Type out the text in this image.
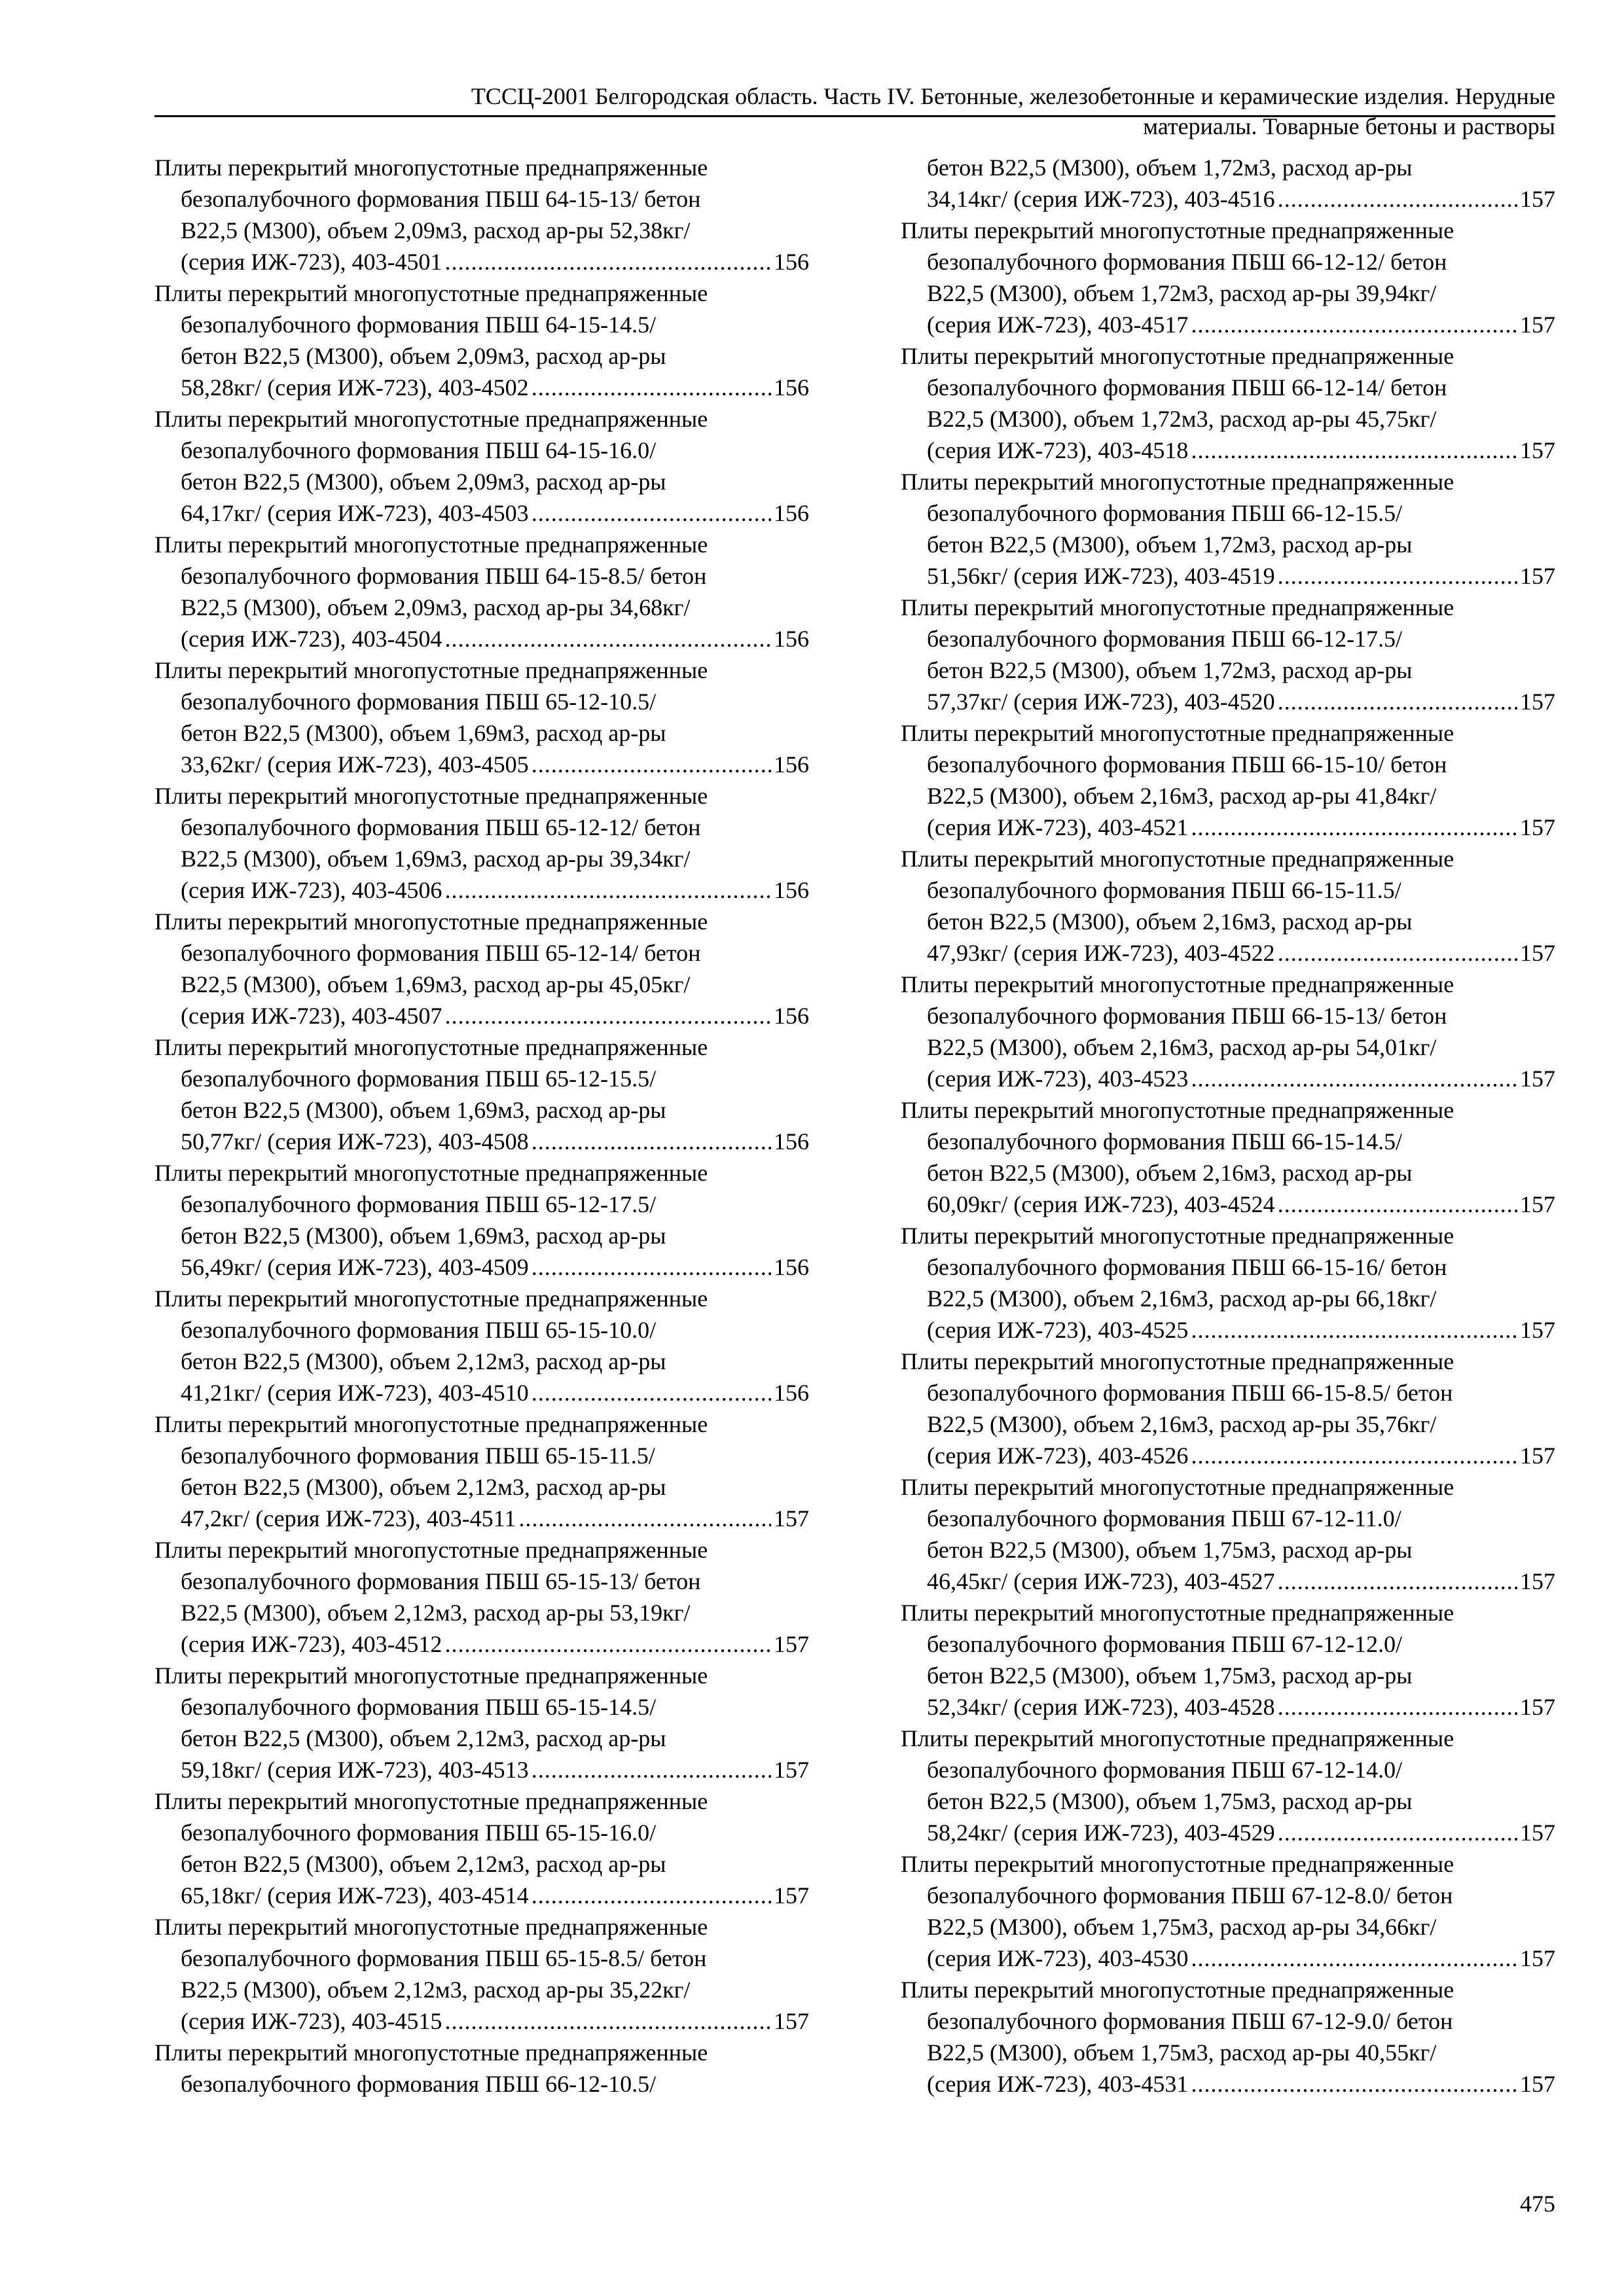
ТССЦ-2001 Белгородская область. Часть IV. Бетонные, железобетонные и керамические изделия. Нерудные
материалы. Товарные бетоны и растворы
Плиты перекрытий многопустотные преднапряженные
безопалубочного формования ПБШ 64-15-13/ бетон
В22,5 (М300), объем 2,09м3, расход ар-ры 52,38кг/
(серия ИЖ-723), 403-4501 .....	156
Плиты перекрытий многопустотные преднапряженные
безопалубочного формования ПБШ 64-15-14.5/
бетон В22,5 (М300), объем 2,09м3, расход ар-ры
58,28кг/ (серия ИЖ-723), 403-4502 .....	156
Плиты перекрытий многопустотные преднапряженные
безопалубочного формования ПБШ 64-15-16.0/
бетон В22,5 (М300), объем 2,09м3, расход ар-ры
64,17кг/ (серия ИЖ-723), 403-4503 .....	156
Плиты перекрытий многопустотные преднапряженные
безопалубочного формования ПБШ 64-15-8.5/ бетон
В22,5 (М300), объем 2,09м3, расход ар-ры 34,68кг/
(серия ИЖ-723), 403-4504 .....	156
Плиты перекрытий многопустотные преднапряженные
безопалубочного формования ПБШ 65-12-10.5/
бетон В22,5 (М300), объем 1,69м3, расход ар-ры
33,62кг/ (серия ИЖ-723), 403-4505 .....	156
Плиты перекрытий многопустотные преднапряженные
безопалубочного формования ПБШ 65-12-12/ бетон
В22,5 (М300), объем 1,69м3, расход ар-ры 39,34кг/
(серия ИЖ-723), 403-4506 .....	156
Плиты перекрытий многопустотные преднапряженные
безопалубочного формования ПБШ 65-12-14/ бетон
В22,5 (М300), объем 1,69м3, расход ар-ры 45,05кг/
(серия ИЖ-723), 403-4507 .....	156
Плиты перекрытий многопустотные преднапряженные
безопалубочного формования ПБШ 65-12-15.5/
бетон В22,5 (М300), объем 1,69м3, расход ар-ры
50,77кг/ (серия ИЖ-723), 403-4508 .....	156
Плиты перекрытий многопустотные преднапряженные
безопалубочного формования ПБШ 65-12-17.5/
бетон В22,5 (М300), объем 1,69м3, расход ар-ры
56,49кг/ (серия ИЖ-723), 403-4509 .....	156
Плиты перекрытий многопустотные преднапряженные
безопалубочного формования ПБШ 65-15-10.0/
бетон В22,5 (М300), объем 2,12м3, расход ар-ры
41,21кг/ (серия ИЖ-723), 403-4510 .....	156
Плиты перекрытий многопустотные преднапряженные
безопалубочного формования ПБШ 65-15-11.5/
бетон В22,5 (М300), объем 2,12м3, расход ар-ры
47,2кг/ (серия ИЖ-723), 403-4511 .....	157
Плиты перекрытий многопустотные преднапряженные
безопалубочного формования ПБШ 65-15-13/ бетон
В22,5 (М300), объем 2,12м3, расход ар-ры 53,19кг/
(серия ИЖ-723), 403-4512 .....	157
Плиты перекрытий многопустотные преднапряженные
безопалубочного формования ПБШ 65-15-14.5/
бетон В22,5 (М300), объем 2,12м3, расход ар-ры
59,18кг/ (серия ИЖ-723), 403-4513 .....	157
Плиты перекрытий многопустотные преднапряженные
безопалубочного формования ПБШ 65-15-16.0/
бетон В22,5 (М300), объем 2,12м3, расход ар-ры
65,18кг/ (серия ИЖ-723), 403-4514 .....	157
Плиты перекрытий многопустотные преднапряженные
безопалубочного формования ПБШ 65-15-8.5/ бетон
В22,5 (М300), объем 2,12м3, расход ар-ры 35,22кг/
(серия ИЖ-723), 403-4515 .....	157
Плиты перекрытий многопустотные преднапряженные
безопалубочного формования ПБШ 66-12-10.5/
бетон В22,5 (М300), объем 1,72м3, расход ар-ры
34,14кг/ (серия ИЖ-723), 403-4516 .....	157
Плиты перекрытий многопустотные преднапряженные
безопалубочного формования ПБШ 66-12-12/ бетон
В22,5 (М300), объем 1,72м3, расход ар-ры 39,94кг/
(серия ИЖ-723), 403-4517 .....	157
Плиты перекрытий многопустотные преднапряженные
безопалубочного формования ПБШ 66-12-14/ бетон
В22,5 (М300), объем 1,72м3, расход ар-ры 45,75кг/
(серия ИЖ-723), 403-4518 .....	157
Плиты перекрытий многопустотные преднапряженные
безопалубочного формования ПБШ 66-12-15.5/
бетон В22,5 (М300), объем 1,72м3, расход ар-ры
51,56кг/ (серия ИЖ-723), 403-4519 .....	157
Плиты перекрытий многопустотные преднапряженные
безопалубочного формования ПБШ 66-12-17.5/
бетон В22,5 (М300), объем 1,72м3, расход ар-ры
57,37кг/ (серия ИЖ-723), 403-4520 .....	157
Плиты перекрытий многопустотные преднапряженные
безопалубочного формования ПБШ 66-15-10/ бетон
В22,5 (М300), объем 2,16м3, расход ар-ры 41,84кг/
(серия ИЖ-723), 403-4521 .....	157
Плиты перекрытий многопустотные преднапряженные
безопалубочного формования ПБШ 66-15-11.5/
бетон В22,5 (М300), объем 2,16м3, расход ар-ры
47,93кг/ (серия ИЖ-723), 403-4522 .....	157
Плиты перекрытий многопустотные преднапряженные
безопалубочного формования ПБШ 66-15-13/ бетон
В22,5 (М300), объем 2,16м3, расход ар-ры 54,01кг/
(серия ИЖ-723), 403-4523 .....	157
Плиты перекрытий многопустотные преднапряженные
безопалубочного формования ПБШ 66-15-14.5/
бетон В22,5 (М300), объем 2,16м3, расход ар-ры
60,09кг/ (серия ИЖ-723), 403-4524 .....	157
Плиты перекрытий многопустотные преднапряженные
безопалубочного формования ПБШ 66-15-16/ бетон
В22,5 (М300), объем 2,16м3, расход ар-ры 66,18кг/
(серия ИЖ-723), 403-4525 .....	157
Плиты перекрытий многопустотные преднапряженные
безопалубочного формования ПБШ 66-15-8.5/ бетон
В22,5 (М300), объем 2,16м3, расход ар-ры 35,76кг/
(серия ИЖ-723), 403-4526 .....	157
Плиты перекрытий многопустотные преднапряженные
безопалубочного формования ПБШ 67-12-11.0/
бетон В22,5 (М300), объем 1,75м3, расход ар-ры
46,45кг/ (серия ИЖ-723), 403-4527 .....	157
Плиты перекрытий многопустотные преднапряженные
безопалубочного формования ПБШ 67-12-12.0/
бетон В22,5 (М300), объем 1,75м3, расход ар-ры
52,34кг/ (серия ИЖ-723), 403-4528 .....	157
Плиты перекрытий многопустотные преднапряженные
безопалубочного формования ПБШ 67-12-14.0/
бетон В22,5 (М300), объем 1,75м3, расход ар-ры
58,24кг/ (серия ИЖ-723), 403-4529 .....	157
Плиты перекрытий многопустотные преднапряженные
безопалубочного формования ПБШ 67-12-8.0/ бетон
В22,5 (М300), объем 1,75м3, расход ар-ры 34,66кг/
(серия ИЖ-723), 403-4530 .....	157
Плиты перекрытий многопустотные преднапряженные
безопалубочного формования ПБШ 67-12-9.0/ бетон
В22,5 (М300), объем 1,75м3, расход ар-ры 40,55кг/
(серия ИЖ-723), 403-4531 .....	157
475
